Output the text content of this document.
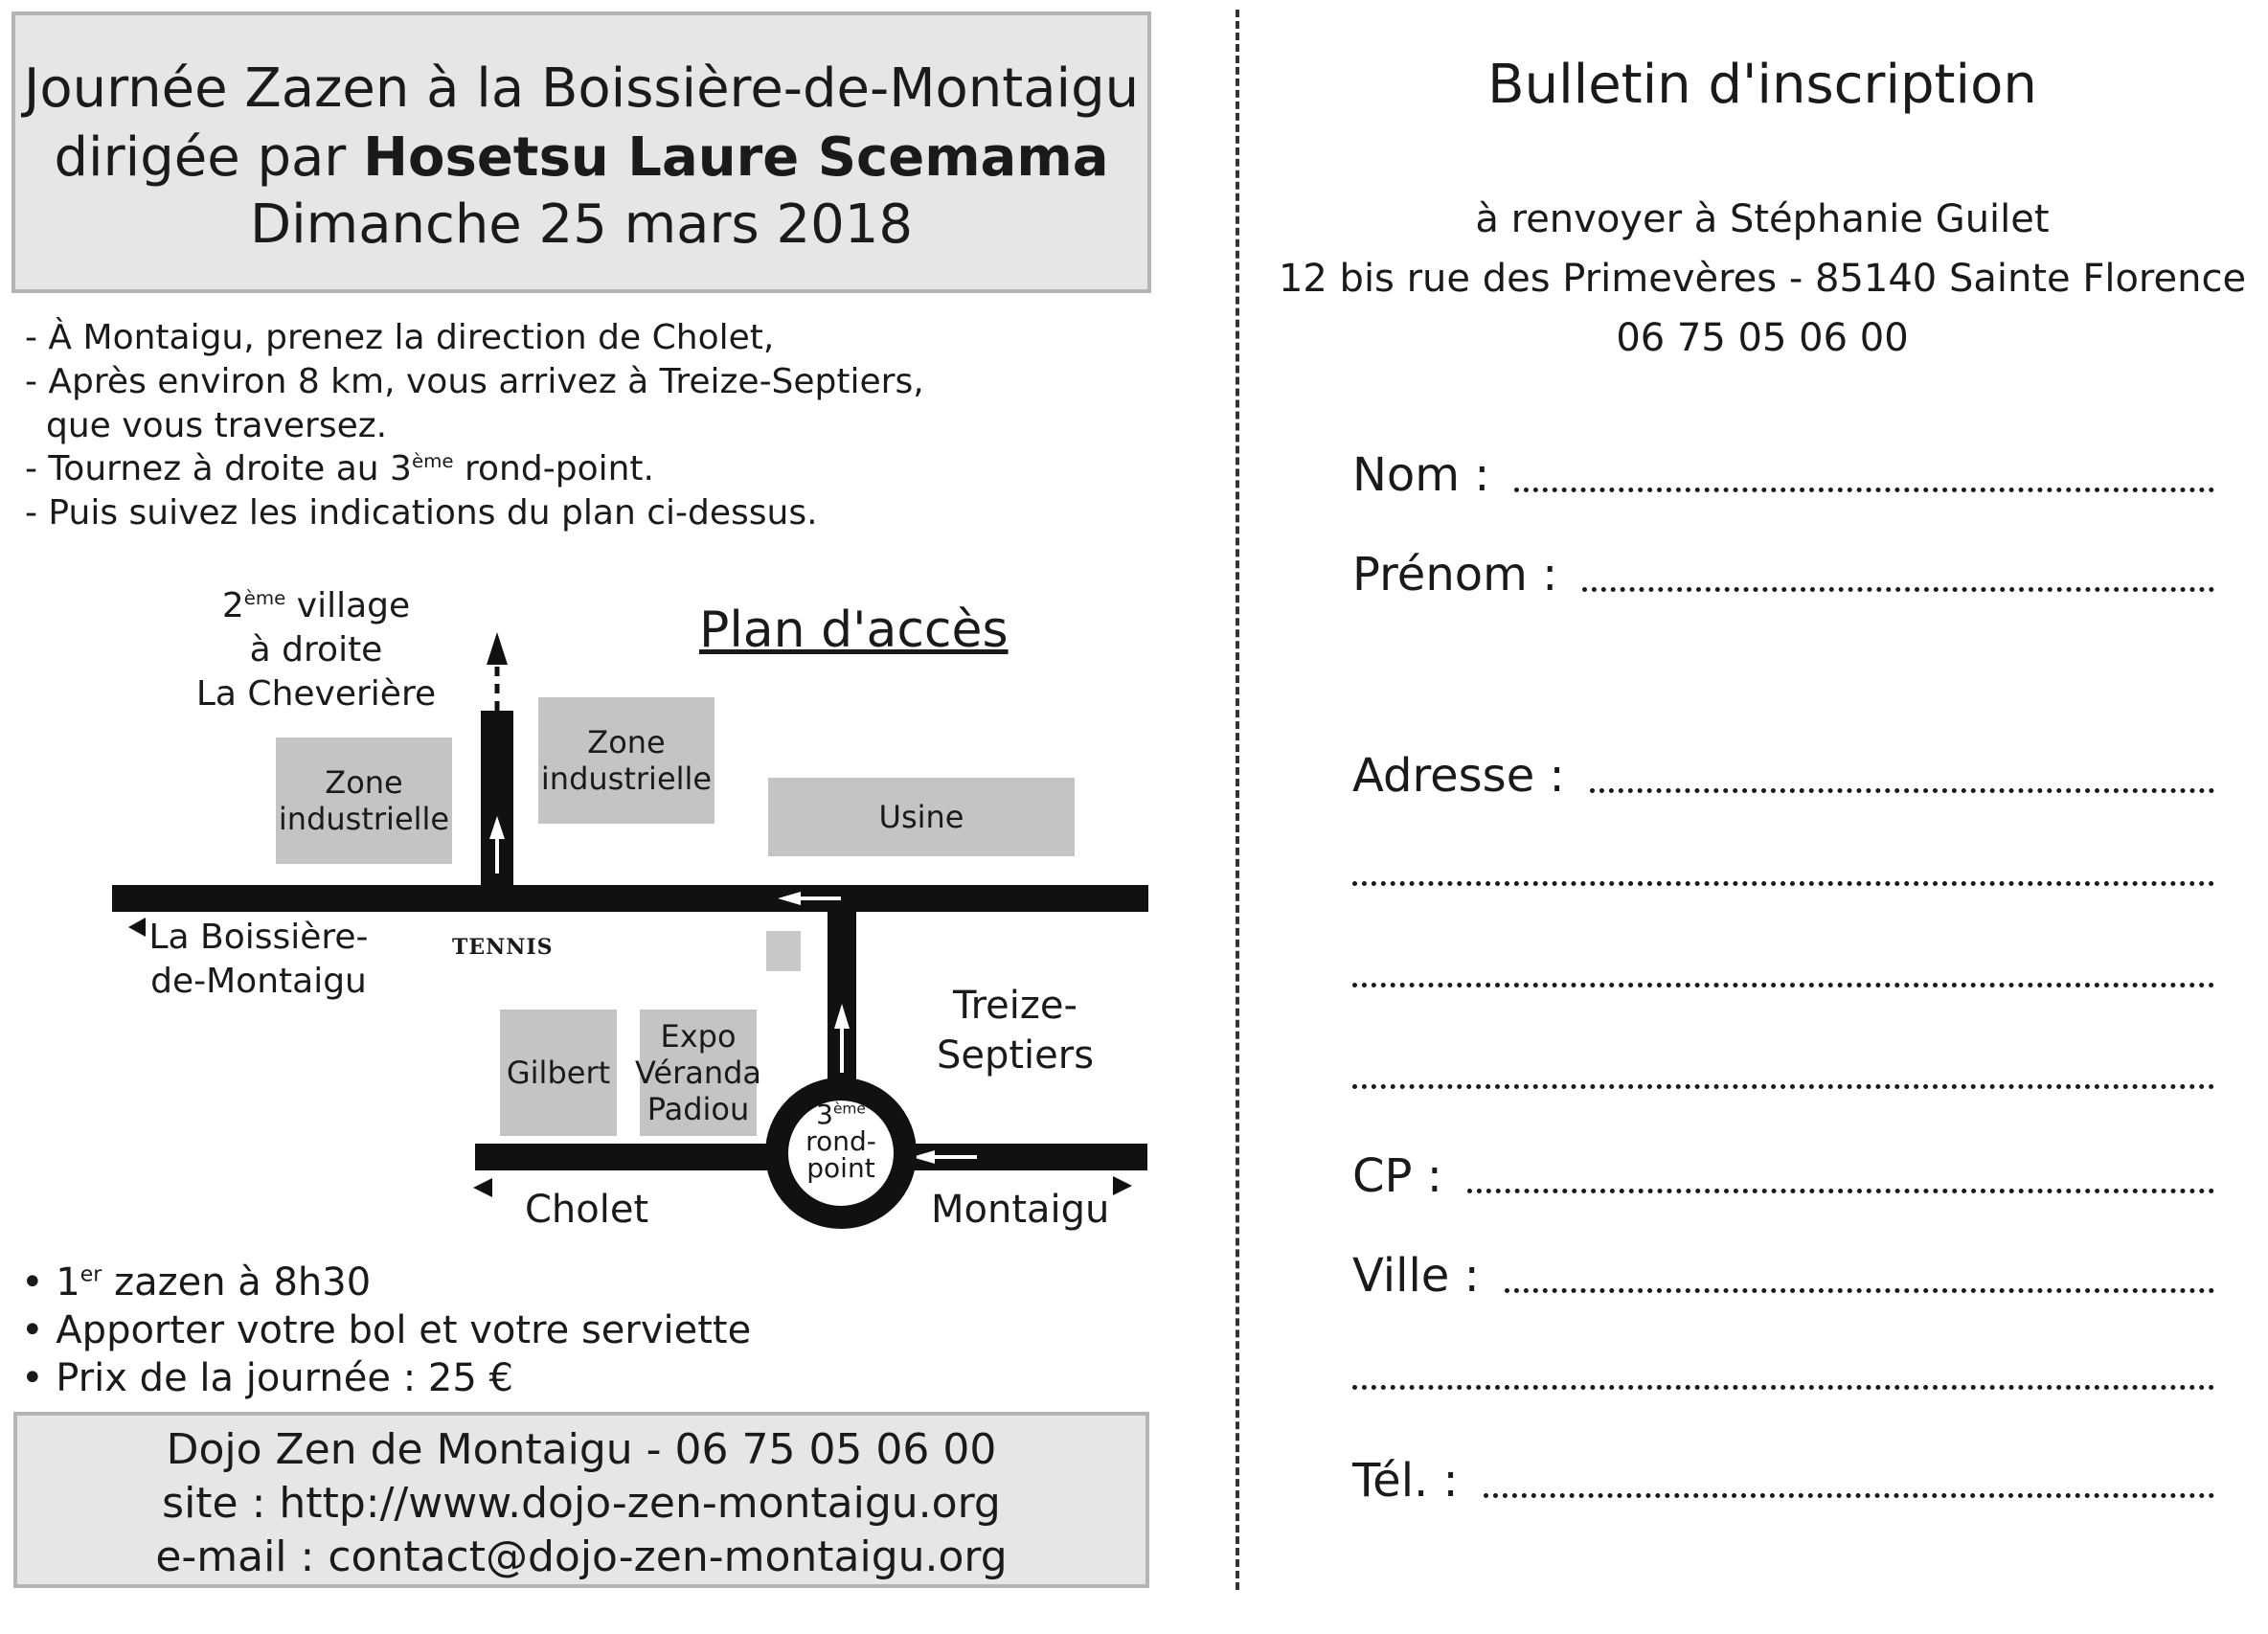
Journée Zazen à la Boissière-de-Montaigu
dirigée par Hosetsu Laure Scemama
Dimanche 25 mars 2018
- À Montaigu, prenez la direction de Cholet,
- Après environ 8 km, vous arrivez à Treize-Septiers,
que vous traversez.
- Tournez à droite au 3ème rond-point.
- Puis suivez les indications du plan ci-dessus.
Plan d'accès
2ème village
à droite
La Cheverière
Zone
industrielle
Zone
industrielle
Usine
Gilbert
Expo
Véranda
Padiou
La Boissière-
de-Montaigu
TENNIS
Treize-
Septiers
3ème
rond-
point
Cholet	Montaigu
• 1er zazen à 8h30
• Apporter votre bol et votre serviette
• Prix de la journée : 25 €
Dojo Zen de Montaigu - 06 75 05 06 00
site : http://www.dojo-zen-montaigu.org
e-mail : contact@dojo-zen-montaigu.org
Bulletin d'inscription
à renvoyer à Stéphanie Guilet
12 bis rue des Primevères - 85140 Sainte Florence
06 75 05 06 00
Nom :
Prénom :
Adresse :
CP :
Ville :
Tél. :
